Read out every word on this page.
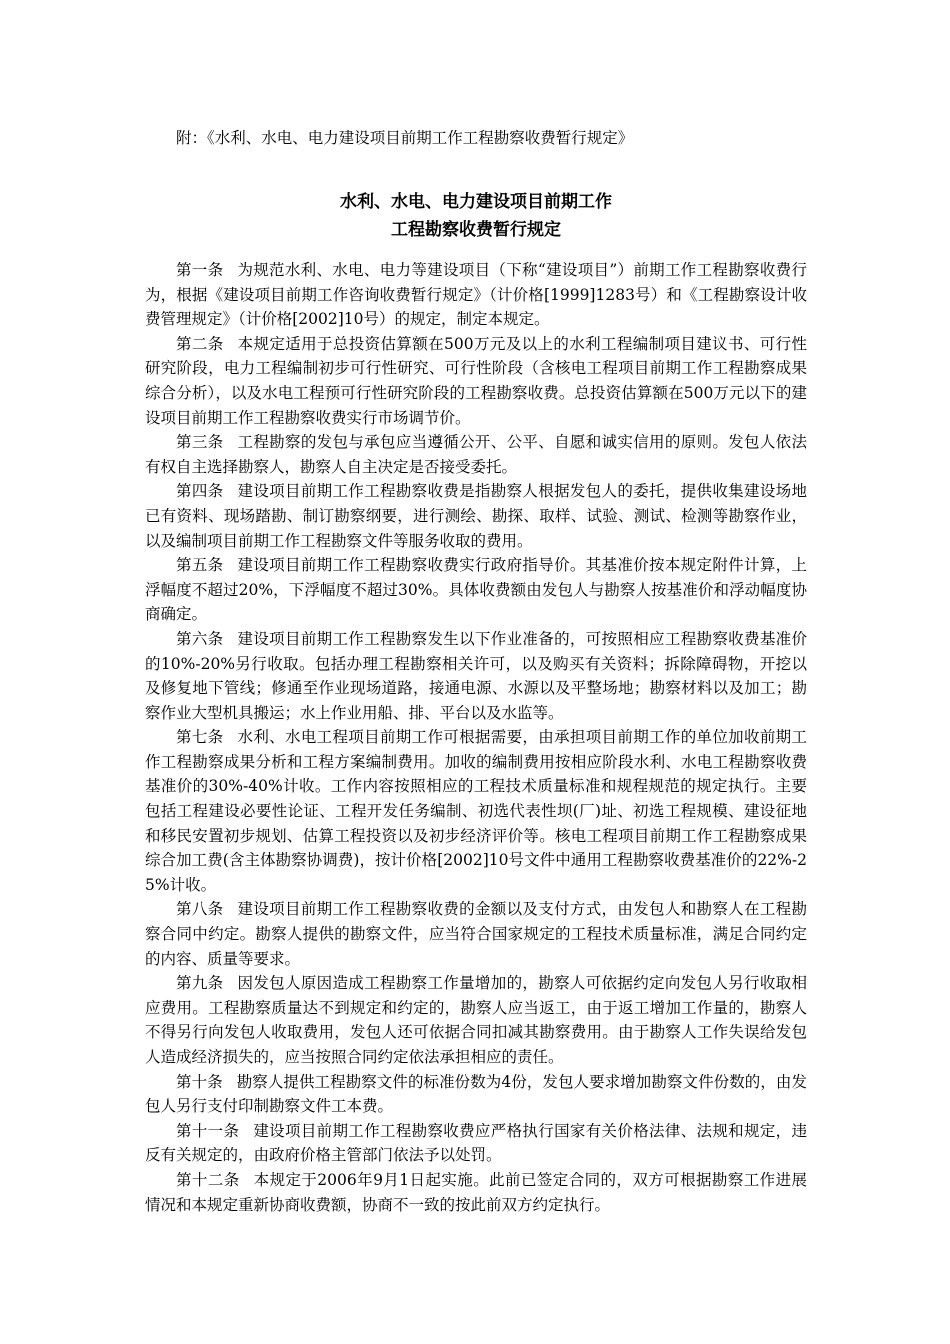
附：《水利、水电、电力建设项目前期工作工程勘察收费暂行规定》

水利、水电、电力建设项目前期工作
工程勘察收费暂行规定

第一条 为规范水利、水电、电力等建设项目（下称“建设项目”）前期工作工程勘察收费行为，根据《建设项目前期工作咨询收费暂行规定》（计价格[1999]1283号）和《工程勘察设计收费管理规定》（计价格[2002]10号）的规定，制定本规定。

第二条 本规定适用于总投资估算额在500万元及以上的水利工程编制项目建议书、可行性研究阶段，电力工程编制初步可行性研究、可行性阶段（含核电工程项目前期工作工程勘察成果综合分析），以及水电工程预可行性研究阶段的工程勘察收费。总投资估算额在500万元以下的建设项目前期工作工程勘察收费实行市场调节价。

第三条 工程勘察的发包与承包应当遵循公开、公平、自愿和诚实信用的原则。发包人依法有权自主选择勘察人，勘察人自主决定是否接受委托。

第四条 建设项目前期工作工程勘察收费是指勘察人根据发包人的委托，提供收集建设场地已有资料、现场踏勘、制订勘察纲要，进行测绘、勘探、取样、试验、测试、检测等勘察作业，以及编制项目前期工作工程勘察文件等服务收取的费用。

第五条 建设项目前期工作工程勘察收费实行政府指导价。其基准价按本规定附件计算，上浮幅度不超过20%，下浮幅度不超过30%。具体收费额由发包人与勘察人按基准价和浮动幅度协商确定。

第六条 建设项目前期工作工程勘察发生以下作业准备的，可按照相应工程勘察收费基准价的10%-20%另行收取。包括办理工程勘察相关许可，以及购买有关资料；拆除障碍物，开挖以及修复地下管线；修通至作业现场道路，接通电源、水源以及平整场地；勘察材料以及加工；勘察作业大型机具搬运；水上作业用船、排、平台以及水监等。

第七条 水利、水电工程项目前期工作可根据需要，由承担项目前期工作的单位加收前期工作工程勘察成果分析和工程方案编制费用。加收的编制费用按相应阶段水利、水电工程勘察收费基准价的30%-40%计收。工作内容按照相应的工程技术质量标准和规程规范的规定执行。主要包括工程建设必要性论证、工程开发任务编制、初选代表性坝(厂)址、初选工程规模、建设征地和移民安置初步规划、估算工程投资以及初步经济评价等。核电工程项目前期工作工程勘察成果综合加工费(含主体勘察协调费)，按计价格[2002]10号文件中通用工程勘察收费基准价的22%-25%计收。

第八条 建设项目前期工作工程勘察收费的金额以及支付方式，由发包人和勘察人在工程勘察合同中约定。勘察人提供的勘察文件，应当符合国家规定的工程技术质量标准，满足合同约定的内容、质量等要求。

第九条 因发包人原因造成工程勘察工作量增加的，勘察人可依据约定向发包人另行收取相应费用。工程勘察质量达不到规定和约定的，勘察人应当返工，由于返工增加工作量的，勘察人不得另行向发包人收取费用，发包人还可依据合同扣减其勘察费用。由于勘察人工作失误给发包人造成经济损失的，应当按照合同约定依法承担相应的责任。

第十条 勘察人提供工程勘察文件的标准份数为4份，发包人要求增加勘察文件份数的，由发包人另行支付印制勘察文件工本费。

第十一条 建设项目前期工作工程勘察收费应严格执行国家有关价格法律、法规和规定，违反有关规定的，由政府价格主管部门依法予以处罚。

第十二条 本规定于2006年9月1日起实施。此前已签定合同的，双方可根据勘察工作进展情况和本规定重新协商收费额，协商不一致的按此前双方约定执行。
